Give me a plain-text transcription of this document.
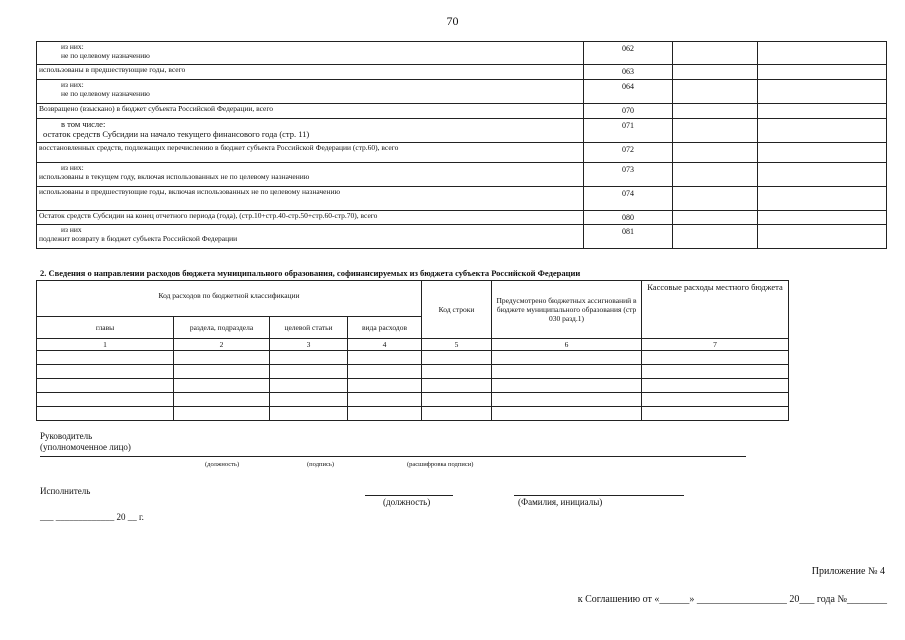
70
из них:
не по целевому назначению	062		

использованы в предшествующие годы, всего	063		

из них:
не по целевому назначению	064		

Возвращено (взыскано) в бюджет субъекта Российской Федерации, всего	070		

в том числе:
остаток средств Субсидии на начало текущего финансового года (стр. 11)	071		

восстановленных средств, подлежащих перечислению в бюджет субъекта Российской Федерации (стр.60), всего	072		

из них:
использованы в текущем году, включая использованных не по целевому назначению	073		

использованы в предшествующие годы, включая использованных не по целевому назначению	074		

Остаток средств Субсидии на конец отчетного периода (года), (стр.10+стр.40-стр.50+стр.60-стр.70), всего	080		

из них
подлежит возврату в бюджет субъекта Российской Федерации	081		
2. Сведения о направлении расходов бюджета муниципального образования, софинансируемых из бюджета субъекта Российской Федерации
Код расходов по бюджетной классификации				Код строки	Предусмотрено бюджетных ассигнований в бюджете муниципального образования (стр 030 разд.1)	Кассовые расходы местного бюджета
главы	раздела, подраздела	целевой статьи	вида расходов			
1	2	3	4	5	6	7

Руководитель
(уполномоченное лицо)
(должность)	(подпись)	(расшифровка подписи)
Исполнитель
(должность)	(Фамилия, инициалы)
___ _____________ 20 __ г.
Приложение № 4
к Соглашению от «______» __________________ 20___ года №________
